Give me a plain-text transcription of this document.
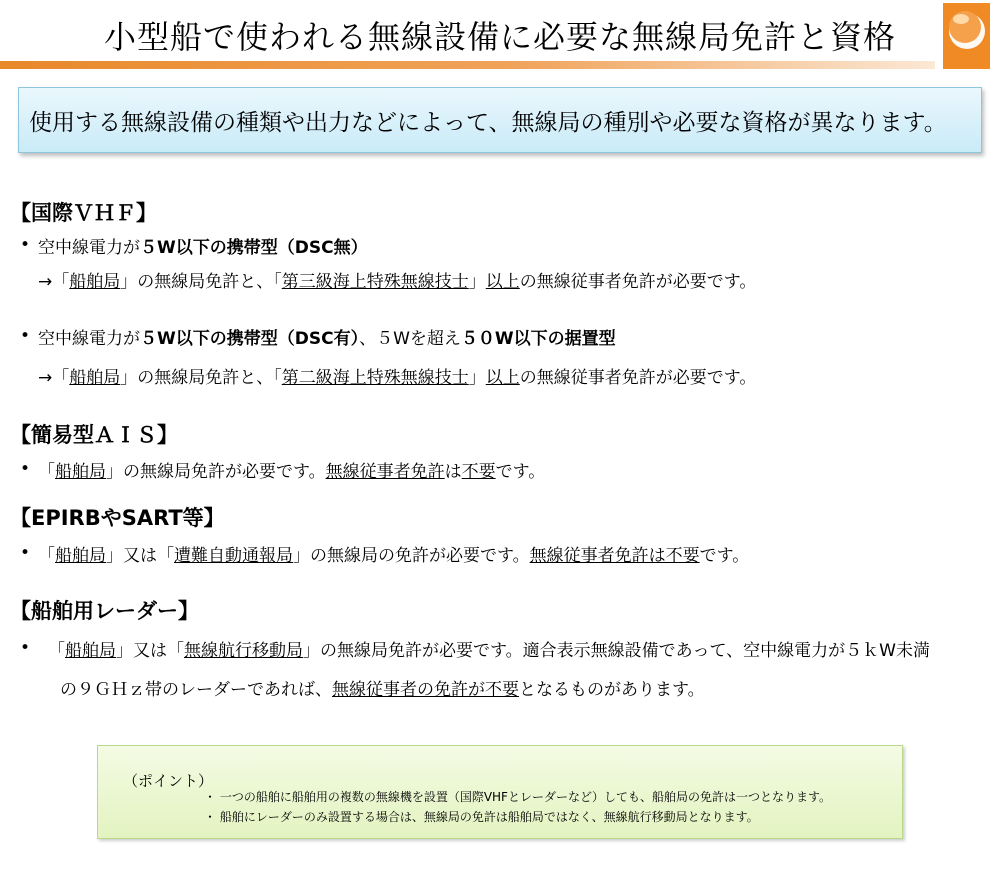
小型船で使われる無線設備に必要な無線局免許と資格
使用する無線設備の種類や出力などによって、無線局の種別や必要な資格が異なります。
【国際ＶＨＦ】
• 空中線電力が５W以下の携帯型（DSC無）
→「船舶局」の無線局免許と、「第三級海上特殊無線技士」以上の無線従事者免許が必要です。
• 空中線電力が５W以下の携帯型（DSC有）、５Wを超え５０W以下の据置型
→「船舶局」の無線局免許と、「第二級海上特殊無線技士」以上の無線従事者免許が必要です。
【簡易型ＡＩＳ】
• 「船舶局」の無線局免許が必要です。無線従事者免許は不要です。
【EPIRBやSART等】
• 「船舶局」又は「遭難自動通報局」の無線局の免許が必要です。無線従事者免許は不要です。
【船舶用レーダー】
• 「船舶局」又は「無線航行移動局」の無線局免許が必要です。適合表示無線設備であって、空中線電力が５ｋW未満
の９ＧＨｚ帯のレーダーであれば、無線従事者の免許が不要となるものがあります。
（ポイント）
・ 一つの船舶に船舶用の複数の無線機を設置（国際VHFとレーダーなど）しても、船舶局の免許は一つとなります。
・ 船舶にレーダーのみ設置する場合は、無線局の免許は船舶局ではなく、無線航行移動局となります。
